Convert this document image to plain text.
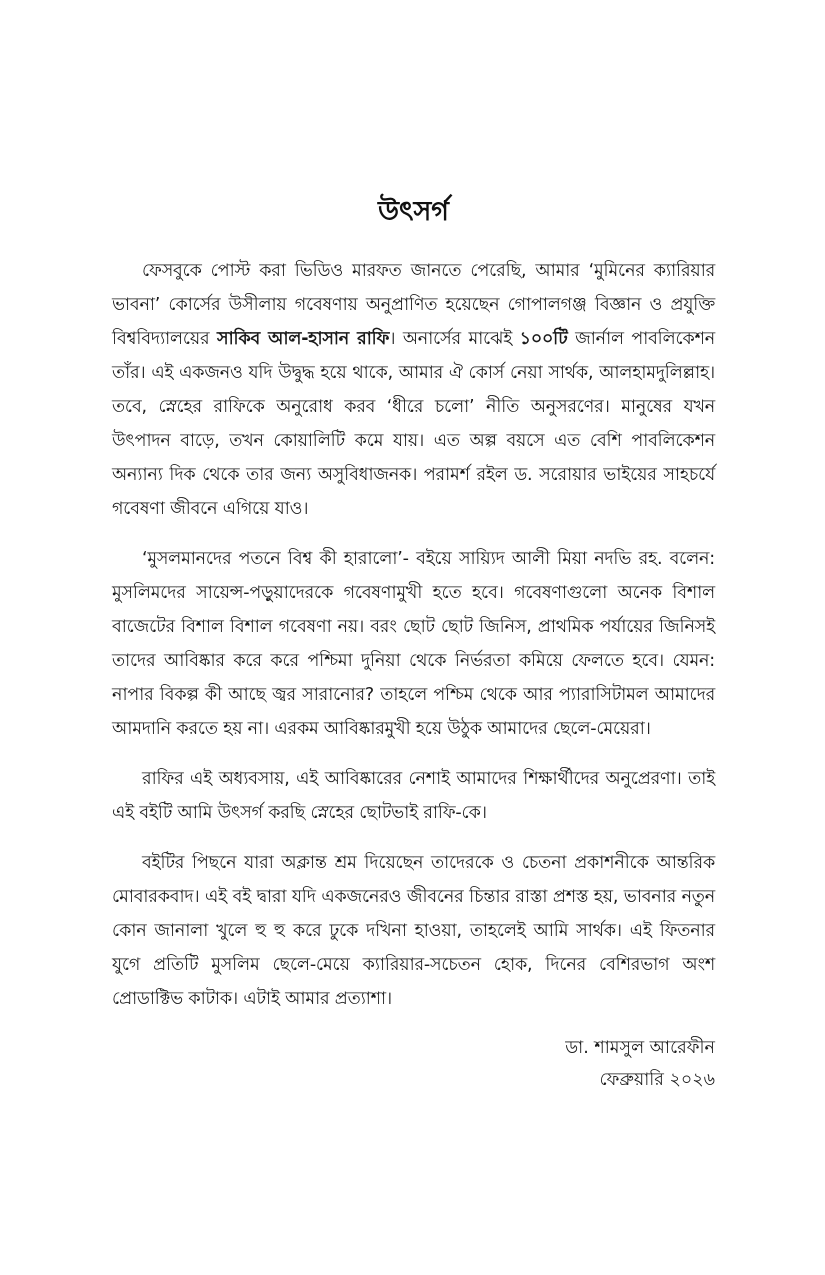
উৎসর্গ

ফেসবুকে পোস্ট করা ভিডিও মারফত জানতে পেরেছি, আমার ‘মুমিনের ক্যারিয়ার ভাবনা’ কোর্সের উসীলায় গবেষণায় অনুপ্রাণিত হয়েছেন গোপালগঞ্জ বিজ্ঞান ও প্রযুক্তি বিশ্ববিদ্যালয়ের সাকিব আল-হাসান রাফি। অনার্সের মাঝেই ১০০টি জার্নাল পাবলিকেশন তাঁর। এই একজনও যদি উদ্বুদ্ধ হয়ে থাকে, আমার ঐ কোর্স নেয়া সার্থক, আলহামদুলিল্লাহ। তবে, স্নেহের রাফিকে অনুরোধ করব ‘ধীরে চলো’ নীতি অনুসরণের। মানুষের যখন উৎপাদন বাড়ে, তখন কোয়ালিটি কমে যায়। এত অল্প বয়সে এত বেশি পাবলিকেশন অন্যান্য দিক থেকে তার জন্য অসুবিধাজনক। পরামর্শ রইল ড. সরোয়ার ভাইয়ের সাহচর্যে গবেষণা জীবনে এগিয়ে যাও।

‘মুসলমানদের পতনে বিশ্ব কী হারালো’- বইয়ে সায়্যিদ আলী মিয়া নদভি রহ. বলেন: মুসলিমদের সায়েন্স-পড়ুয়াদেরকে গবেষণামুখী হতে হবে। গবেষণাগুলো অনেক বিশাল বাজেটের বিশাল বিশাল গবেষণা নয়। বরং ছোট ছোট জিনিস, প্রাথমিক পর্যায়ের জিনিসই তাদের আবিষ্কার করে করে পশ্চিমা দুনিয়া থেকে নির্ভরতা কমিয়ে ফেলতে হবে। যেমন: নাপার বিকল্প কী আছে জ্বর সারানোর? তাহলে পশ্চিম থেকে আর প্যারাসিটামল আমাদের আমদানি করতে হয় না। এরকম আবিষ্কারমুখী হয়ে উঠুক আমাদের ছেলে-মেয়েরা।

রাফির এই অধ্যবসায়, এই আবিষ্কারের নেশাই আমাদের শিক্ষার্থীদের অনুপ্রেরণা। তাই এই বইটি আমি উৎসর্গ করছি স্নেহের ছোটভাই রাফি-কে।

বইটির পিছনে যারা অক্লান্ত শ্রম দিয়েছেন তাদেরকে ও চেতনা প্রকাশনীকে আন্তরিক মোবারকবাদ। এই বই দ্বারা যদি একজনেরও জীবনের চিন্তার রাস্তা প্রশস্ত হয়, ভাবনার নতুন কোন জানালা খুলে হু হু করে ঢুকে দখিনা হাওয়া, তাহলেই আমি সার্থক। এই ফিতনার যুগে প্রতিটি মুসলিম ছেলে-মেয়ে ক্যারিয়ার-সচেতন হোক, দিনের বেশিরভাগ অংশ প্রোডাক্টিভ কাটাক। এটাই আমার প্রত্যাশা।

ডা. শামসুল আরেফীন
ফেব্রুয়ারি ২০২৬
